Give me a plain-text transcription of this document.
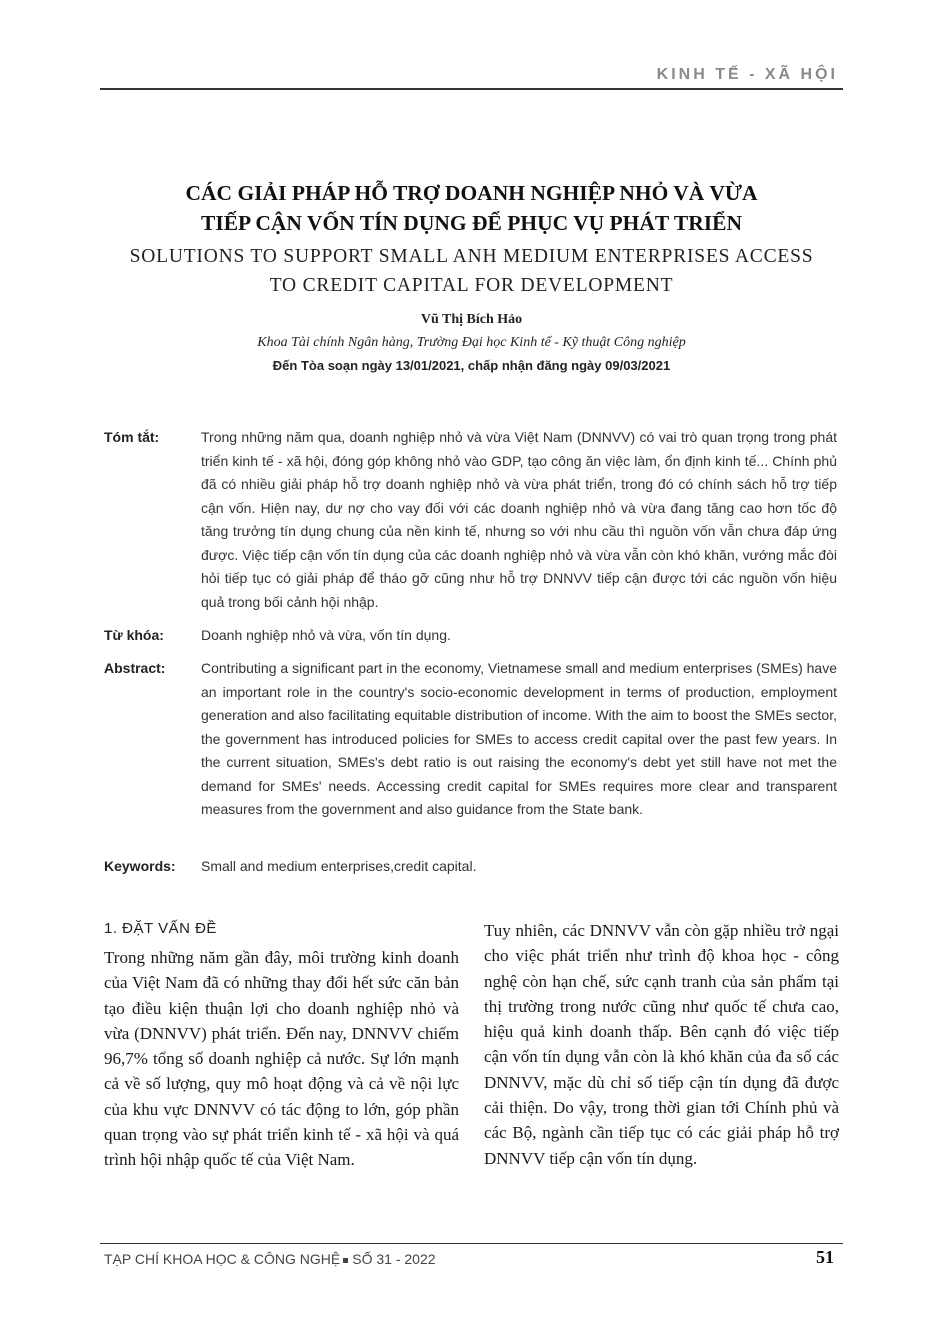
KINH TẾ - XÃ HỘI
CÁC GIẢI PHÁP HỖ TRỢ DOANH NGHIỆP NHỎ VÀ VỪA
TIẾP CẬN VỐN TÍN DỤNG ĐỂ PHỤC VỤ PHÁT TRIỂN
SOLUTIONS TO SUPPORT SMALL ANH MEDIUM ENTERPRISES ACCESS
TO CREDIT CAPITAL FOR DEVELOPMENT
Vũ Thị Bích Hảo
Khoa Tài chính Ngân hàng, Trường Đại học Kinh tế - Kỹ thuật Công nghiệp
Đến Tòa soạn ngày 13/01/2021, chấp nhận đăng ngày 09/03/2021
Tóm tắt:	Trong những năm qua, doanh nghiệp nhỏ và vừa Việt Nam (DNNVV) có vai trò quan trọng trong phát triển kinh tế - xã hội, đóng góp không nhỏ vào GDP, tạo công ăn việc làm, ổn định kinh tế... Chính phủ đã có nhiều giải pháp hỗ trợ doanh nghiệp nhỏ và vừa phát triển, trong đó có chính sách hỗ trợ tiếp cận vốn. Hiện nay, dư nợ cho vay đối với các doanh nghiệp nhỏ và vừa đang tăng cao hơn tốc độ tăng trưởng tín dụng chung của nền kinh tế, nhưng so với nhu cầu thì nguồn vốn vẫn chưa đáp ứng được. Việc tiếp cận vốn tín dụng của các doanh nghiệp nhỏ và vừa vẫn còn khó khăn, vướng mắc đòi hỏi tiếp tục có giải pháp để tháo gỡ cũng như hỗ trợ DNNVV tiếp cận được tới các nguồn vốn hiệu quả trong bối cảnh hội nhập.
Từ khóa:	Doanh nghiệp nhỏ và vừa, vốn tín dụng.
Abstract:	Contributing a significant part in the economy, Vietnamese small and medium enterprises (SMEs) have an important role in the country's socio-economic development in terms of production, employment generation and also facilitating equitable distribution of income. With the aim to boost the SMEs sector, the government has introduced policies for SMEs to access credit capital over the past few years. In the current situation, SMEs's debt ratio is out raising the economy's debt yet still have not met the demand for SMEs' needs. Accessing credit capital for SMEs requires more clear and transparent measures from the government and also guidance from the State bank.
Keywords: Small and medium enterprises,credit capital.
1. ĐẶT VẤN ĐỀ

Trong những năm gần đây, môi trường kinh doanh của Việt Nam đã có những thay đổi hết sức căn bản tạo điều kiện thuận lợi cho doanh nghiệp nhỏ và vừa (DNNVV) phát triển. Đến nay, DNNVV chiếm 96,7% tổng số doanh nghiệp cả nước. Sự lớn mạnh cả về số lượng, quy mô hoạt động và cả về nội lực của khu vực DNNVV có tác động to lớn, góp phần quan trọng vào sự phát triển kinh tế - xã hội và quá trình hội nhập quốc tế của Việt Nam.

Tuy nhiên, các DNNVV vẫn còn gặp nhiều trở ngại cho việc phát triển như trình độ khoa học - công nghệ còn hạn chế, sức cạnh tranh của sản phẩm tại thị trường trong nước cũng như quốc tế chưa cao, hiệu quả kinh doanh thấp. Bên cạnh đó việc tiếp cận vốn tín dụng vẫn còn là khó khăn của đa số các DNNVV, mặc dù chỉ số tiếp cận tín dụng đã được cải thiện. Do vậy, trong thời gian tới Chính phủ và các Bộ, ngành cần tiếp tục có các giải pháp hỗ trợ DNNVV tiếp cận vốn tín dụng.

TẠP CHÍ KHOA HỌC & CÔNG NGHỆ SỐ 31 - 2022	51
